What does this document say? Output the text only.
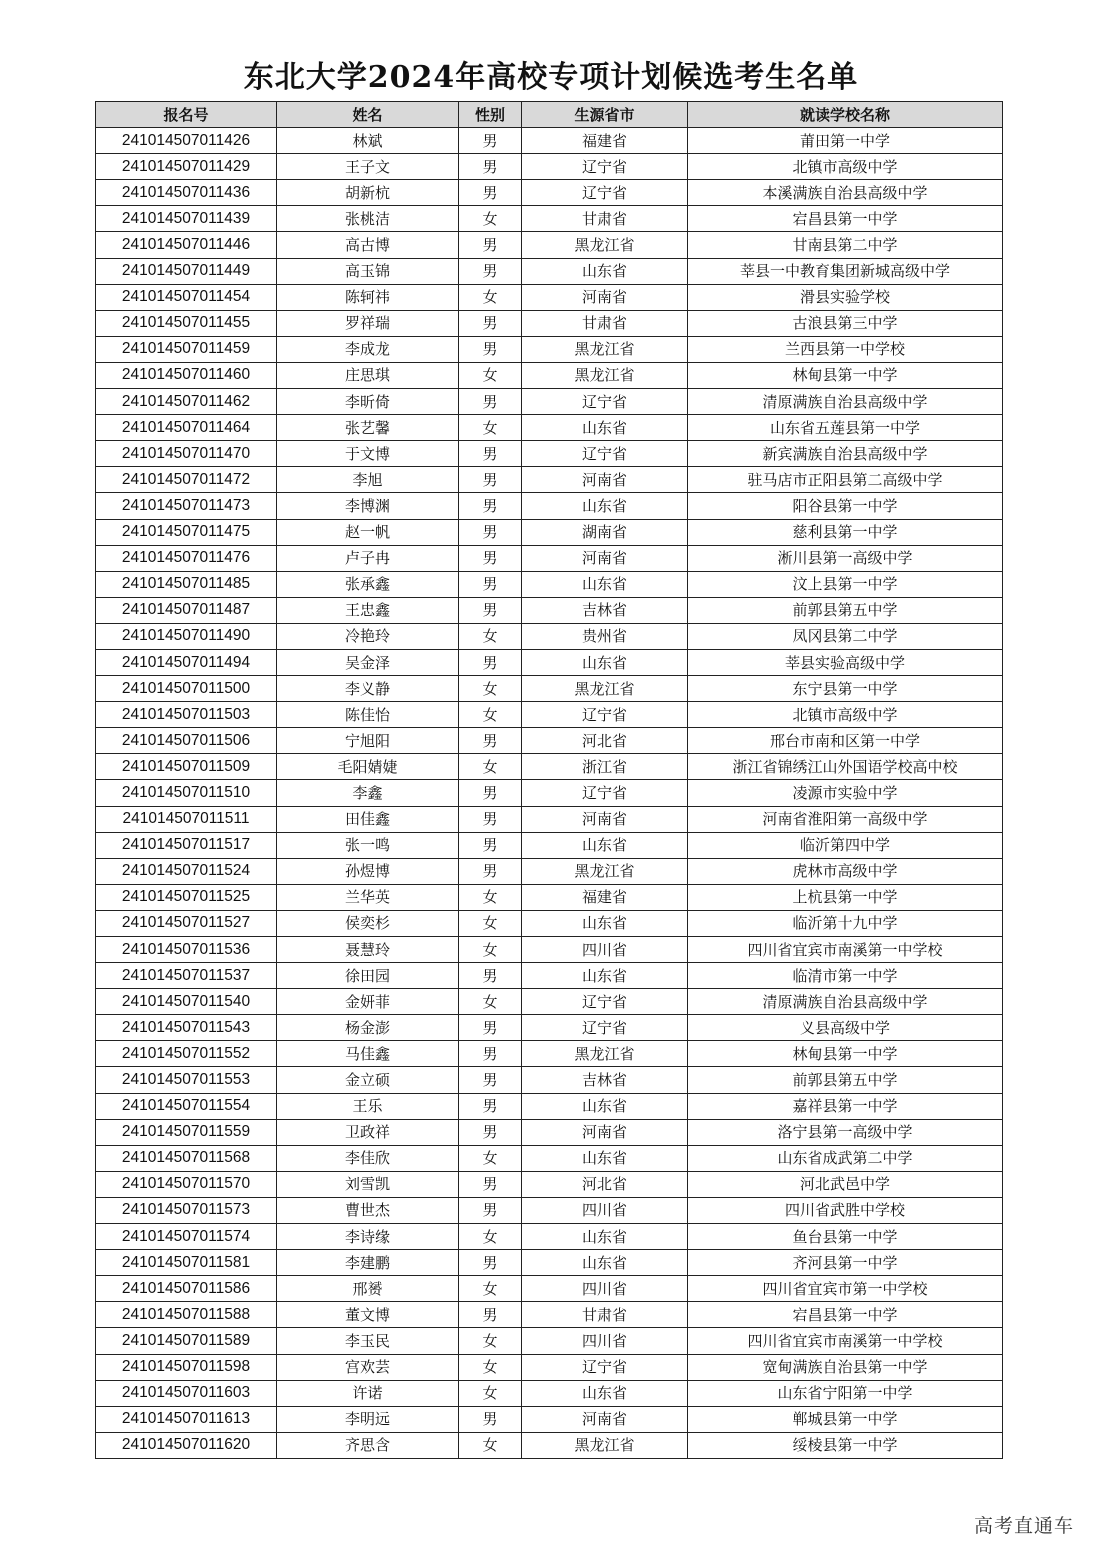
东北大学2024年高校专项计划候选考生名单
报名号	姓名	性别	生源省市	就读学校名称
241014507011426	林斌	男	福建省	莆田第一中学
241014507011429	王子文	男	辽宁省	北镇市高级中学
241014507011436	胡新杭	男	辽宁省	本溪满族自治县高级中学
241014507011439	张桃洁	女	甘肃省	宕昌县第一中学
241014507011446	高古博	男	黑龙江省	甘南县第二中学
241014507011449	高玉锦	男	山东省	莘县一中教育集团新城高级中学
241014507011454	陈轲祎	女	河南省	滑县实验学校
241014507011455	罗祥瑞	男	甘肃省	古浪县第三中学
241014507011459	李成龙	男	黑龙江省	兰西县第一中学校
241014507011460	庄思琪	女	黑龙江省	林甸县第一中学
241014507011462	李昕倚	男	辽宁省	清原满族自治县高级中学
241014507011464	张艺馨	女	山东省	山东省五莲县第一中学
241014507011470	于文博	男	辽宁省	新宾满族自治县高级中学
241014507011472	李旭	男	河南省	驻马店市正阳县第二高级中学
241014507011473	李博渊	男	山东省	阳谷县第一中学
241014507011475	赵一帆	男	湖南省	慈利县第一中学
241014507011476	卢子冉	男	河南省	淅川县第一高级中学
241014507011485	张承鑫	男	山东省	汶上县第一中学
241014507011487	王忠鑫	男	吉林省	前郭县第五中学
241014507011490	冷艳玲	女	贵州省	凤冈县第二中学
241014507011494	吴金泽	男	山东省	莘县实验高级中学
241014507011500	李义静	女	黑龙江省	东宁县第一中学
241014507011503	陈佳怡	女	辽宁省	北镇市高级中学
241014507011506	宁旭阳	男	河北省	邢台市南和区第一中学
241014507011509	毛阳婧婕	女	浙江省	浙江省锦绣江山外国语学校高中校
241014507011510	李鑫	男	辽宁省	凌源市实验中学
241014507011511	田佳鑫	男	河南省	河南省淮阳第一高级中学
241014507011517	张一鸣	男	山东省	临沂第四中学
241014507011524	孙煜博	男	黑龙江省	虎林市高级中学
241014507011525	兰华英	女	福建省	上杭县第一中学
241014507011527	侯奕杉	女	山东省	临沂第十九中学
241014507011536	聂慧玲	女	四川省	四川省宜宾市南溪第一中学校
241014507011537	徐田园	男	山东省	临清市第一中学
241014507011540	金妍菲	女	辽宁省	清原满族自治县高级中学
241014507011543	杨金澎	男	辽宁省	义县高级中学
241014507011552	马佳鑫	男	黑龙江省	林甸县第一中学
241014507011553	金立硕	男	吉林省	前郭县第五中学
241014507011554	王乐	男	山东省	嘉祥县第一中学
241014507011559	卫政祥	男	河南省	洛宁县第一高级中学
241014507011568	李佳欣	女	山东省	山东省成武第二中学
241014507011570	刘雪凯	男	河北省	河北武邑中学
241014507011573	曹世杰	男	四川省	四川省武胜中学校
241014507011574	李诗缘	女	山东省	鱼台县第一中学
241014507011581	李建鹏	男	山东省	齐河县第一中学
241014507011586	邢赟	女	四川省	四川省宜宾市第一中学校
241014507011588	董文博	男	甘肃省	宕昌县第一中学
241014507011589	李玉民	女	四川省	四川省宜宾市南溪第一中学校
241014507011598	宫欢芸	女	辽宁省	宽甸满族自治县第一中学
241014507011603	许诺	女	山东省	山东省宁阳第一中学
241014507011613	李明远	男	河南省	郸城县第一中学
241014507011620	齐思含	女	黑龙江省	绥棱县第一中学
高考直通车
